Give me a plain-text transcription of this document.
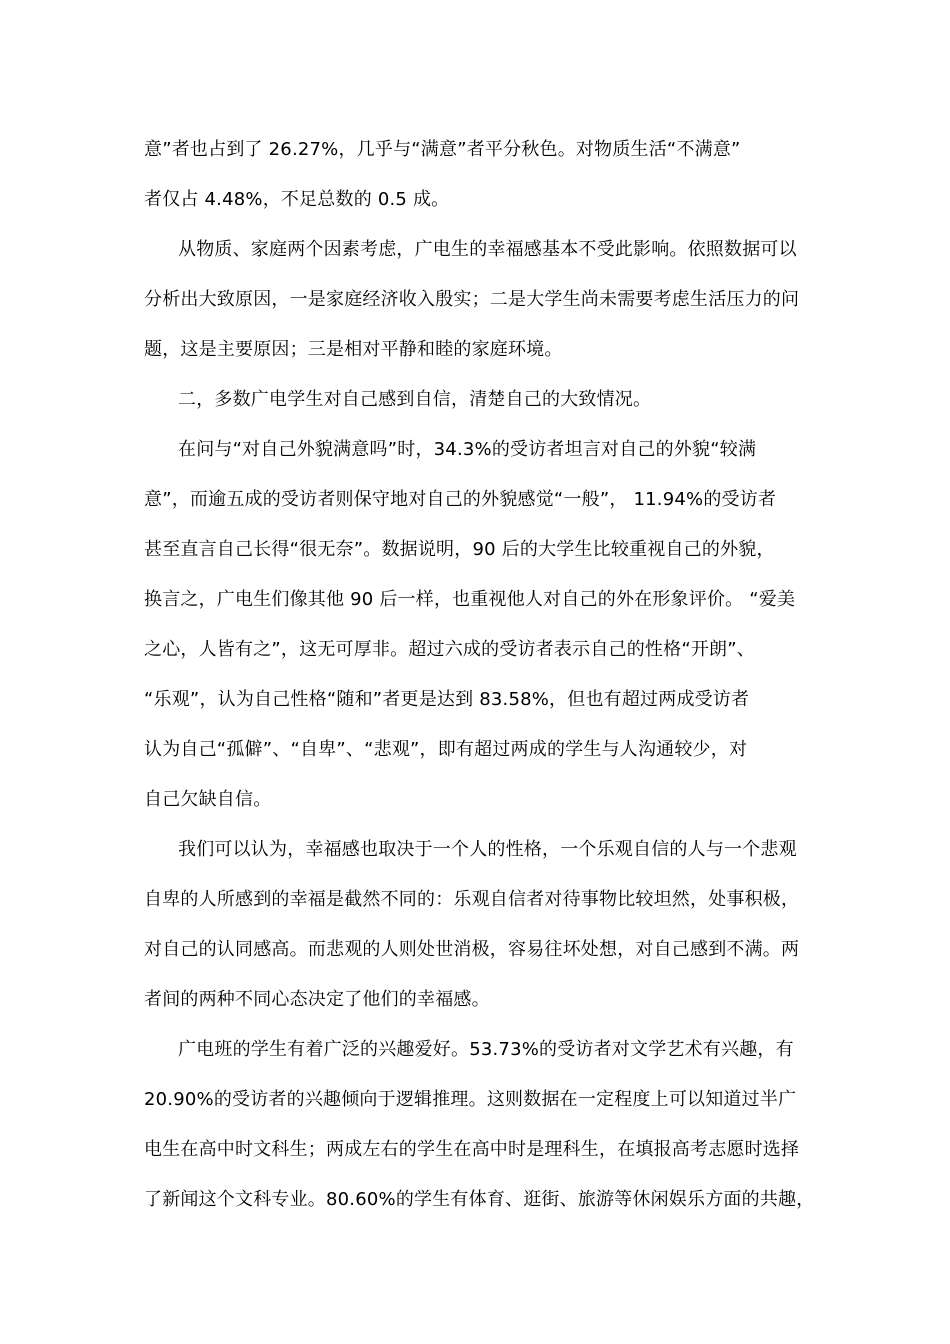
意”者也占到了 26.27%，几乎与“满意”者平分秋色。对物质生活“不满意”
者仅占 4.48%，不足总数的 0.5 成。
从物质、家庭两个因素考虑，广电生的幸福感基本不受此影响。依照数据可以
分析出大致原因，一是家庭经济收入殷实；二是大学生尚未需要考虑生活压力的问
题，这是主要原因；三是相对平静和睦的家庭环境。
二，多数广电学生对自己感到自信，清楚自己的大致情况。
在问与“对自己外貌满意吗”时，34.3%的受访者坦言对自己的外貌“较满
意”，而逾五成的受访者则保守地对自己的外貌感觉“一般”， 11.94%的受访者
甚至直言自己长得“很无奈”。数据说明，90 后的大学生比较重视自己的外貌，
换言之，广电生们像其他 90 后一样，也重视他人对自己的外在形象评价。 “爱美
之心，人皆有之”，这无可厚非。超过六成的受访者表示自己的性格“开朗”、
“乐观”，认为自己性格“随和”者更是达到 83.58%，但也有超过两成受访者
认为自己“孤僻”、“自卑”、“悲观”，即有超过两成的学生与人沟通较少，对
自己欠缺自信。
我们可以认为，幸福感也取决于一个人的性格，一个乐观自信的人与一个悲观
自卑的人所感到的幸福是截然不同的：乐观自信者对待事物比较坦然，处事积极，
对自己的认同感高。而悲观的人则处世消极，容易往坏处想，对自己感到不满。两
者间的两种不同心态决定了他们的幸福感。
广电班的学生有着广泛的兴趣爱好。53.73%的受访者对文学艺术有兴趣，有
20.90%的受访者的兴趣倾向于逻辑推理。这则数据在一定程度上可以知道过半广
电生在高中时文科生；两成左右的学生在高中时是理科生，在填报高考志愿时选择
了新闻这个文科专业。80.60%的学生有体育、逛街、旅游等休闲娱乐方面的共趣，
